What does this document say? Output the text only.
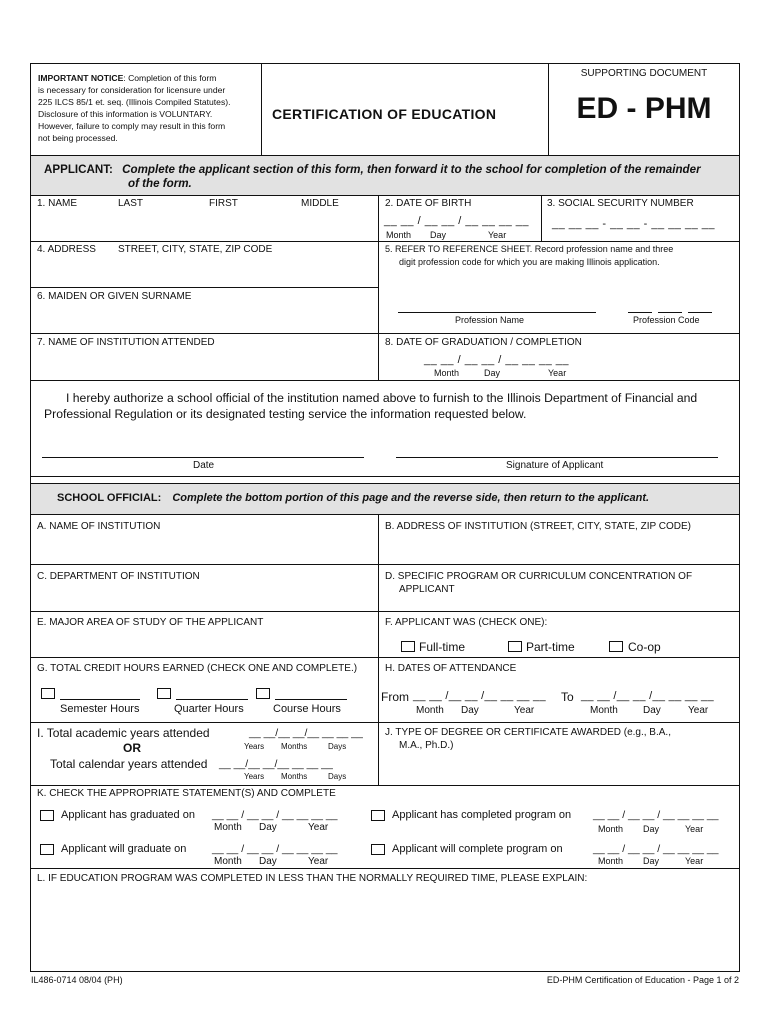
IMPORTANT NOTICE: Completion of this form
is necessary for consideration for licensure under
225 ILCS 85/1 et. seq. (Illinois Compiled Statutes).
Disclosure of this information is VOLUNTARY.
However, failure to comply may result in this form
not being processed.
CERTIFICATION OF EDUCATION
SUPPORTING DOCUMENT
ED - PHM
APPLICANT: Complete the applicant section of this form, then forward it to the school for completion of the remainder
of the form.
1. NAME	LAST	FIRST	MIDDLE	2. DATE OF BIRTH
__ __ / __ __ / __ __ __ __
Month Day	Year
3. SOCIAL SECURITY NUMBER
__ __ __ - __ __ - __ __ __ __
4. ADDRESS STREET, CITY, STATE, ZIP CODE	5. REFER TO REFERENCE SHEET. Record profession name and three
digit profession code for which you are making Illinois application.
Profession Name	Profession Code
6. MAIDEN OR GIVEN SURNAME
7. NAME OF INSTITUTION ATTENDED	8. DATE OF GRADUATION / COMPLETION
__ __ / __ __ / __ __ __ __
Month	Day	Year
I hereby authorize a school official of the institution named above to furnish to the Illinois Department of Financial and
Professional Regulation or its designated testing service the information requested below.
Date	Signature of Applicant
SCHOOL OFFICIAL: Complete the bottom portion of this page and the reverse side, then return to the applicant.
A. NAME OF INSTITUTION	B. ADDRESS OF INSTITUTION (STREET, CITY, STATE, ZIP CODE)
C. DEPARTMENT OF INSTITUTION	D. SPECIFIC PROGRAM OR CURRICULUM CONCENTRATION OF
APPLICANT
E. MAJOR AREA OF STUDY OF THE APPLICANT	F. APPLICANT WAS (CHECK ONE):
Full-time	Part-time	Co-op
G. TOTAL CREDIT HOURS EARNED (CHECK ONE AND COMPLETE.)
Semester Hours	Quarter Hours	Course Hours
H. DATES OF ATTENDANCE
From __ __ /__ __ /__ __ __ __ To __ __ /__ __ /__ __ __ __
Month Day	Year	Month	Day	Year
I. Total academic years attended	__ __/__ __/__ __ __ __
Years Months	Days
OR
Total calendar years attended __ __/__ __/__ __ __ __
Years Months	Days
J. TYPE OF DEGREE OR CERTIFICATE AWARDED (e.g., B.A.,
M.A., Ph.D.)
K. CHECK THE APPROPRIATE STATEMENT(S) AND COMPLETE
Applicant has graduated on __ __ / __ __ / __ __ __ __
Month Day	Year
Applicant has completed program on __ __ / __ __ / __ __ __ __
Month Day	Year
Applicant will graduate on __ __ / __ __ / __ __ __ __
Month Day	Year
Applicant will complete program on	__ __ / __ __ / __ __ __ __
Month Day	Year
L. IF EDUCATION PROGRAM WAS COMPLETED IN LESS THAN THE NORMALLY REQUIRED TIME, PLEASE EXPLAIN:
IL486-0714 08/04 (PH)	ED-PHM Certification of Education - Page 1 of 2
